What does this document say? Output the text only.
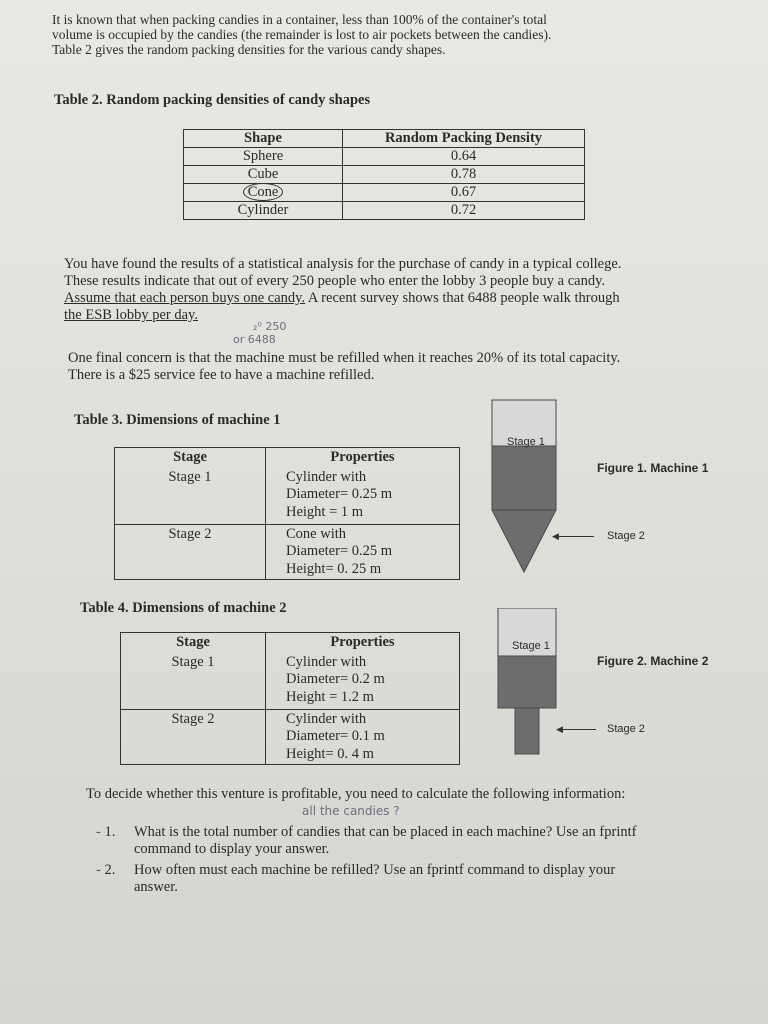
It is known that when packing candies in a container, less than 100% of the container's total

volume is occupied by the candies (the remainder is lost to air pockets between the candies).

Table 2 gives the random packing densities for the various candy shapes.

Table 2. Random packing densities of candy shapes
Shape	Random Packing Density
Sphere	0.64
Cube	0.78
Cone	0.67
Cylinder	0.72

You have found the results of a statistical analysis for the purchase of candy in a typical college.

These results indicate that out of every 250 people who enter the lobby 3 people buy a candy.

Assume that each person buys one candy. A recent survey shows that 6488 people walk through

the ESB lobby per day.

₂⁰ 250
or 6488

One final concern is that the machine must be refilled when it reaches 20% of its total capacity.

There is a $25 service fee to have a machine refilled.

Table 3. Dimensions of machine 1
Stage	Properties
Stage 1	Cylinder with
Diameter= 0.25 m
Height = 1 m

Stage 2	Cone with
Diameter= 0.25 m
Height= 0. 25 m
Stage 1
Figure 1. Machine 1
◀	Stage 2
Table 4. Dimensions of machine 2
Stage	Properties
Stage 1	Cylinder with
Diameter= 0.2 m
Height = 1.2 m

Stage 2	Cylinder with
Diameter= 0.1 m
Height= 0. 4 m
Stage 1
Figure 2. Machine 2
◀	Stage 2
To decide whether this venture is profitable, you need to calculate the following information:
all the candies ?
- 1.	What is the total number of candies that can be placed in each machine? Use an fprintf
command to display your answer.
- 2.	How often must each machine be refilled? Use an fprintf command to display your
answer.
